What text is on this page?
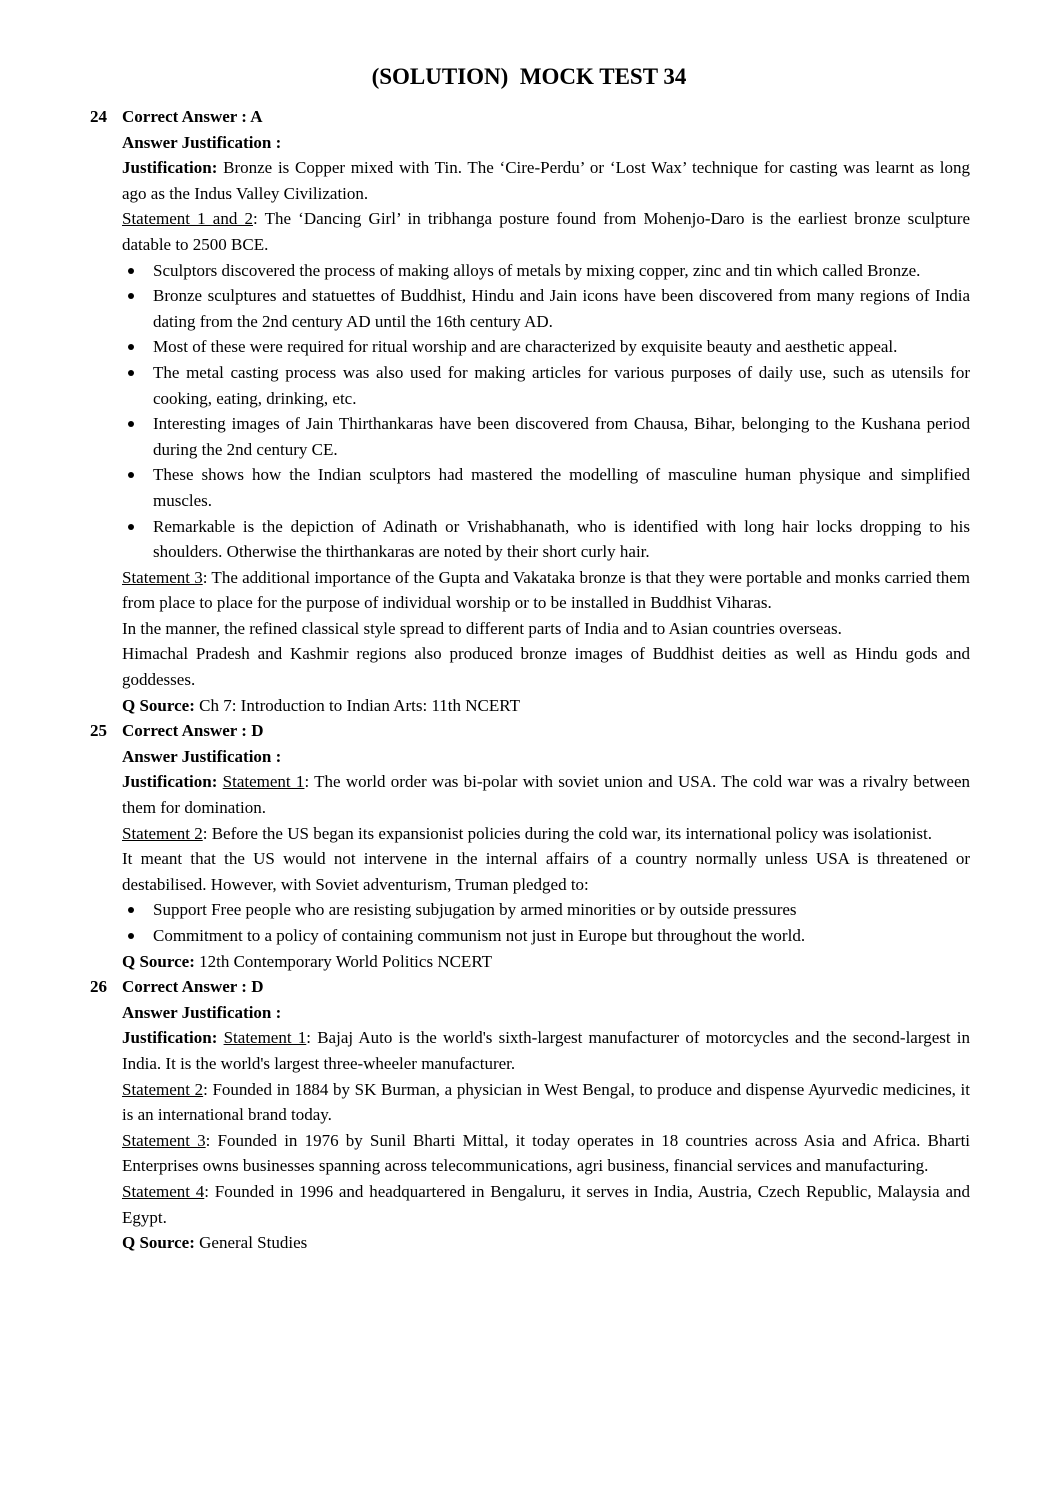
(SOLUTION)  MOCK TEST 34
24 Correct Answer : A
Answer Justification :
Justification: Bronze is Copper mixed with Tin. The ‘Cire-Perdu’ or ‘Lost Wax’ technique for casting was learnt as long ago as the Indus Valley Civilization.
Statement 1 and 2: The ‘Dancing Girl’ in tribhanga posture found from Mohenjo-Daro is the earliest bronze sculpture datable to 2500 BCE.
Sculptors discovered the process of making alloys of metals by mixing copper, zinc and tin which called Bronze.
Bronze sculptures and statuettes of Buddhist, Hindu and Jain icons have been discovered from many regions of India dating from the 2nd century AD until the 16th century AD.
Most of these were required for ritual worship and are characterized by exquisite beauty and aesthetic appeal.
The metal casting process was also used for making articles for various purposes of daily use, such as utensils for cooking, eating, drinking, etc.
Interesting images of Jain Thirthankaras have been discovered from Chausa, Bihar, belonging to the Kushana period during the 2nd century CE.
These shows how the Indian sculptors had mastered the modelling of masculine human physique and simplified muscles.
Remarkable is the depiction of Adinath or Vrishabhanath, who is identified with long hair locks dropping to his shoulders. Otherwise the thirthankaras are noted by their short curly hair.
Statement 3: The additional importance of the Gupta and Vakataka bronze is that they were portable and monks carried them from place to place for the purpose of individual worship or to be installed in Buddhist Viharas.
In the manner, the refined classical style spread to different parts of India and to Asian countries overseas.
Himachal Pradesh and Kashmir regions also produced bronze images of Buddhist deities as well as Hindu gods and goddesses.
Q Source: Ch 7: Introduction to Indian Arts: 11th NCERT
25 Correct Answer : D
Answer Justification :
Justification: Statement 1: The world order was bi-polar with soviet union and USA. The cold war was a rivalry between them for domination.
Statement 2: Before the US began its expansionist policies during the cold war, its international policy was isolationist.
It meant that the US would not intervene in the internal affairs of a country normally unless USA is threatened or destabilised. However, with Soviet adventurism, Truman pledged to:
Support Free people who are resisting subjugation by armed minorities or by outside pressures
Commitment to a policy of containing communism not just in Europe but throughout the world.
Q Source: 12th Contemporary World Politics NCERT
26 Correct Answer : D
Answer Justification :
Justification: Statement 1: Bajaj Auto is the world's sixth-largest manufacturer of motorcycles and the second-largest in India. It is the world's largest three-wheeler manufacturer.
Statement 2: Founded in 1884 by SK Burman, a physician in West Bengal, to produce and dispense Ayurvedic medicines, it is an international brand today.
Statement 3: Founded in 1976 by Sunil Bharti Mittal, it today operates in 18 countries across Asia and Africa. Bharti Enterprises owns businesses spanning across telecommunications, agri business, financial services and manufacturing.
Statement 4: Founded in 1996 and headquartered in Bengaluru, it serves in India, Austria, Czech Republic, Malaysia and Egypt.
Q Source: General Studies
